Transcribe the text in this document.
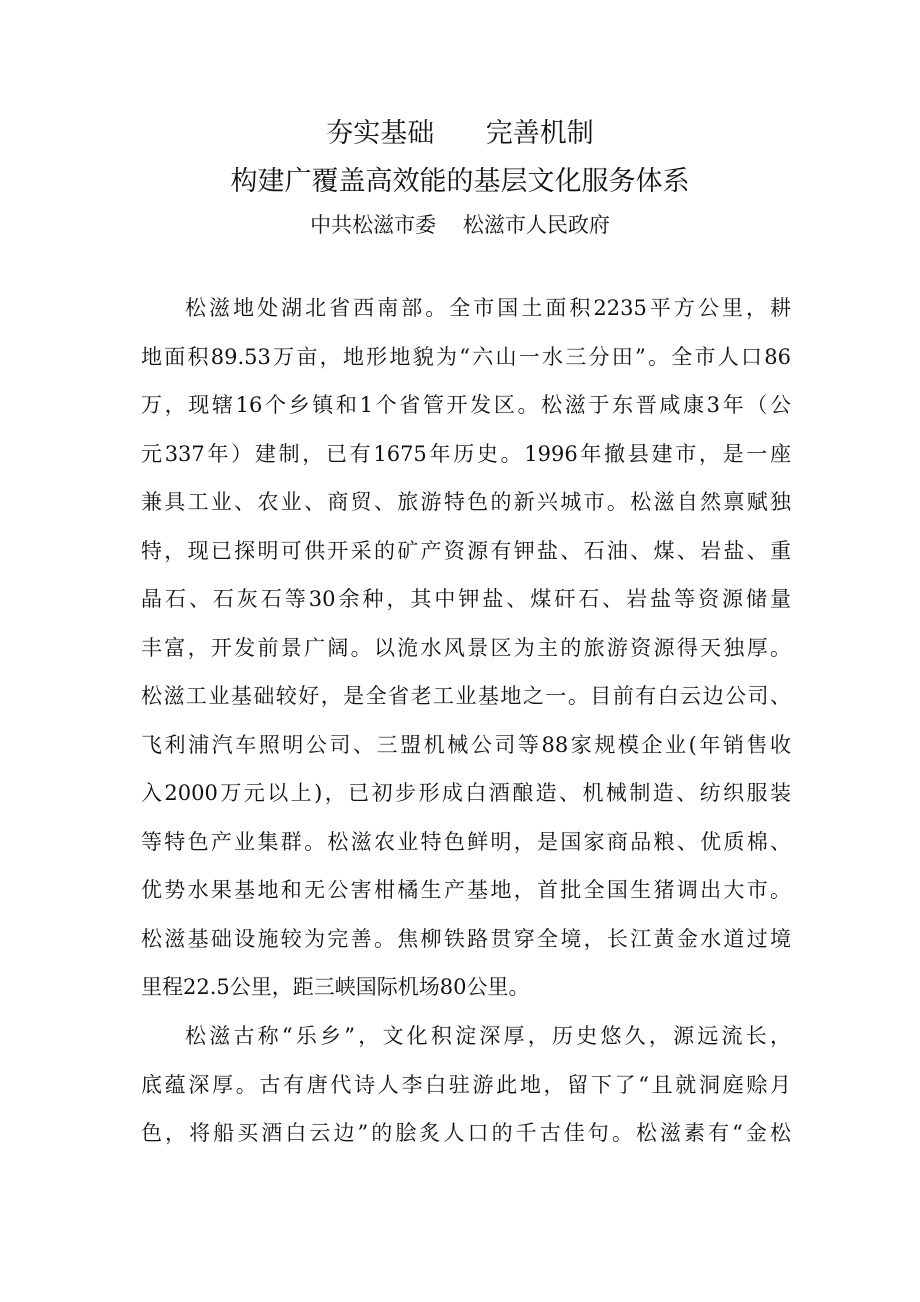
夯实基础      完善机制
构建广覆盖高效能的基层文化服务体系
中共松滋市委    松滋市人民政府
松滋地处湖北省西南部。全市国土面积2235平方公里，耕
地面积89.53万亩，地形地貌为“六山一水三分田”。全市人口86
万，现辖16个乡镇和1个省管开发区。松滋于东晋咸康3年（公
元337年）建制，已有1675年历史。1996年撤县建市，是一座
兼具工业、农业、商贸、旅游特色的新兴城市。松滋自然禀赋独
特，现已探明可供开采的矿产资源有钾盐、石油、煤、岩盐、重
晶石、石灰石等30余种，其中钾盐、煤矸石、岩盐等资源储量
丰富，开发前景广阔。以洈水风景区为主的旅游资源得天独厚。
松滋工业基础较好，是全省老工业基地之一。目前有白云边公司、
飞利浦汽车照明公司、三盟机械公司等88家规模企业(年销售收
入2000万元以上)，已初步形成白酒酿造、机械制造、纺织服装
等特色产业集群。松滋农业特色鲜明，是国家商品粮、优质棉、
优势水果基地和无公害柑橘生产基地，首批全国生猪调出大市。
松滋基础设施较为完善。焦柳铁路贯穿全境，长江黄金水道过境
里程22.5公里，距三峡国际机场80公里。
松滋古称“乐乡”，文化积淀深厚，历史悠久，源远流长，
底蕴深厚。古有唐代诗人李白驻游此地，留下了“且就洞庭赊月
色，将船买酒白云边”的脍炙人口的千古佳句。松滋素有“金松
